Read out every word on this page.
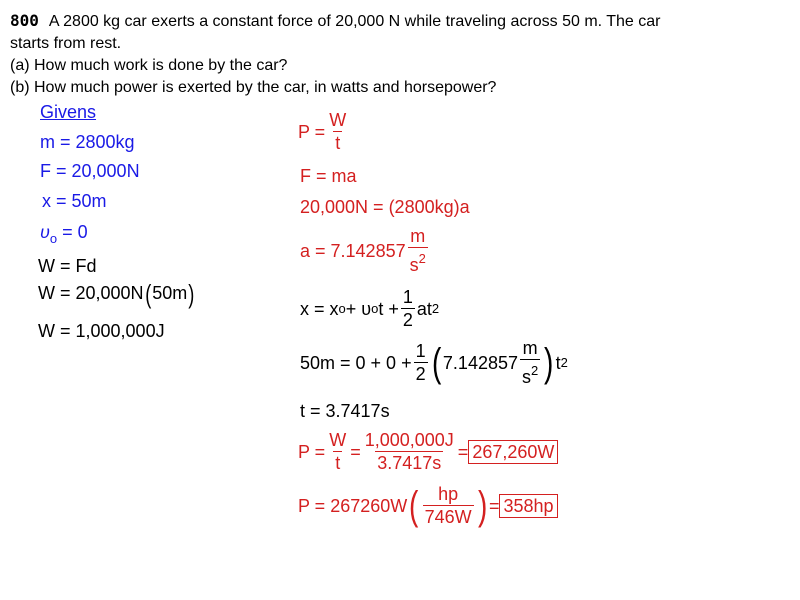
800 A 2800 kg car exerts a constant force of 20,000 N while traveling across 50 m. The car
starts from rest.
(a) How much work is done by the car?
(b) How much power is exerted by the car, in watts and horsepower?
Givens
m = 2800kg
F = 20,000N
x = 50m
$\upsilon_o = 0$
W = Fd
W = 20,000N(50m)
W = 1,000,000J
$P = \frac{W}{t}$
F = ma
20,000N = (2800kg)a
$a = 7.142857 \frac{m}{s^2}$
x = x o + υ o $t + \frac{1}{2}$ at 2
$50m = 0 + 0 + \frac{1}{2}$ ( $7.142857 \frac{m}{s^2}$ ) t 2
t = 3.7417s
$P = \frac{W}{t} = \frac{1,000,000J}{3.7417s} = 267,260W$
P = 267260W ( $\frac{hp}{746W}$ ) = 358hp
